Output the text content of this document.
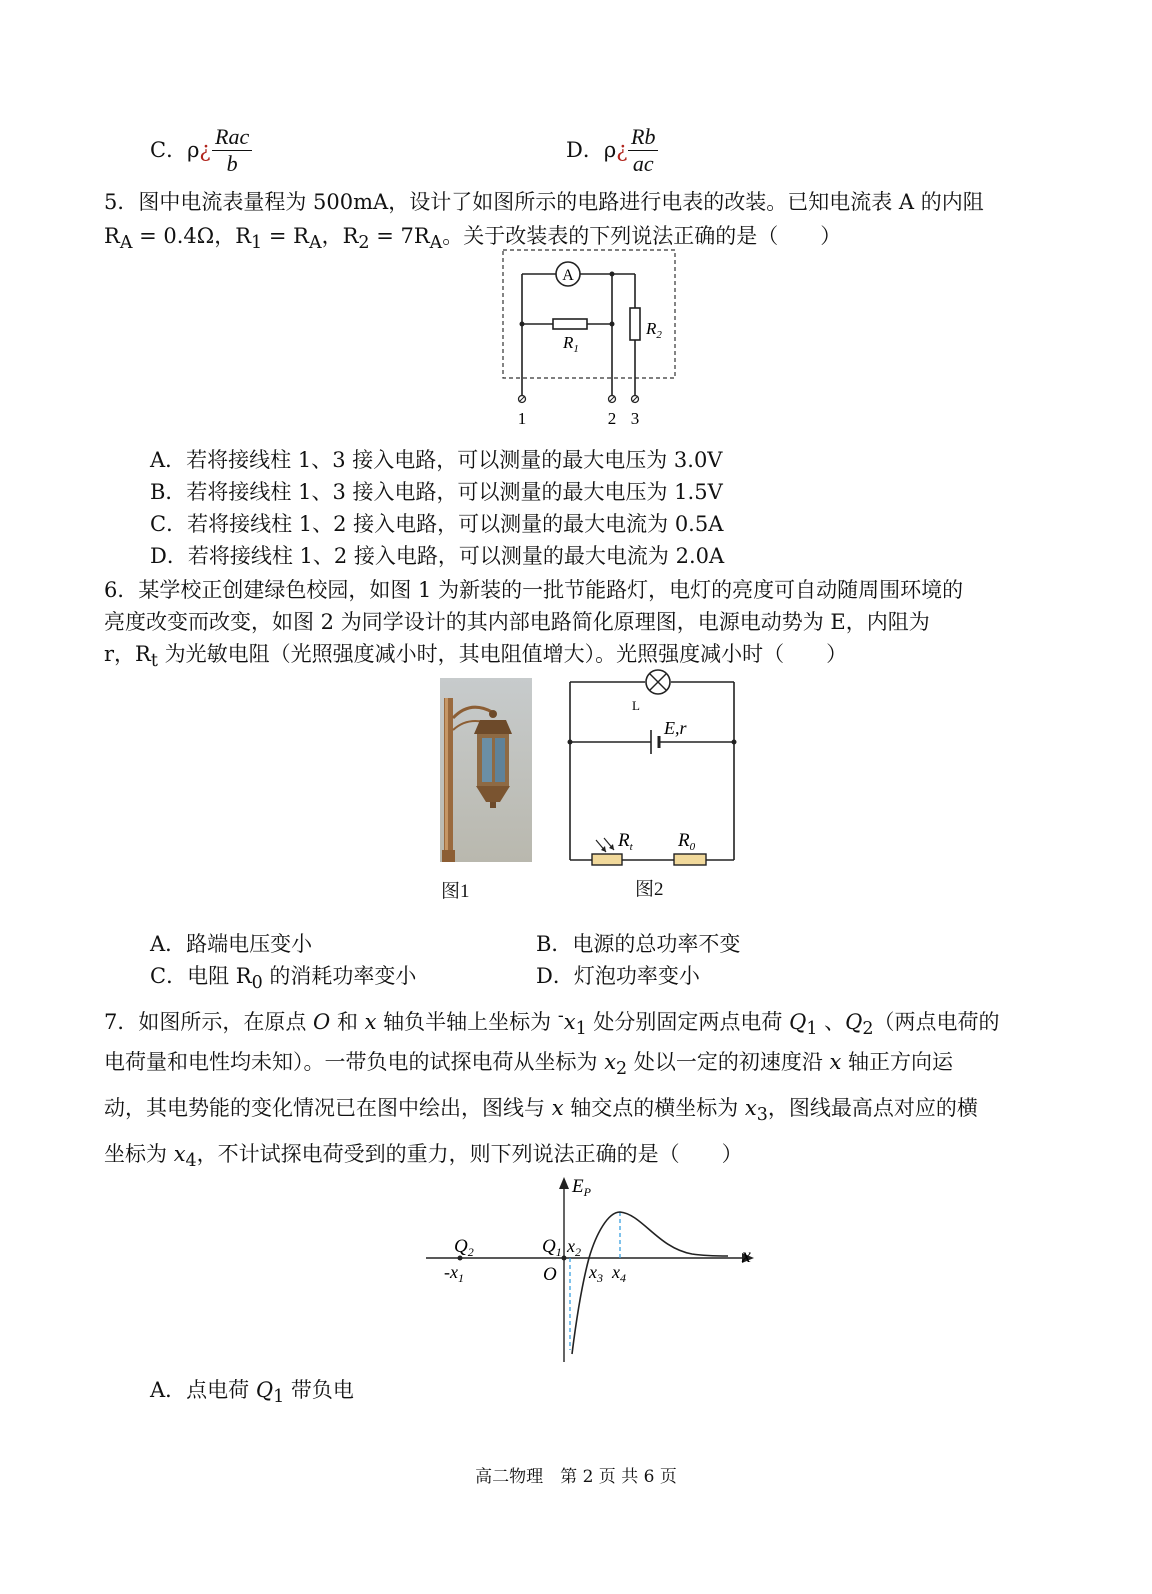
C．ρ¿
Rac
b
D．ρ¿ $\frac{Rb}{ac}$
5．图中电流表量程为 500mA，设计了如图所示的电路进行电表的改装。已知电流表 A 的内阻
$R_A = 0.4\Omega$，$R_1 = R_A$，$R_2 = 7R_A$。关于改装表的下列说法正确的是（　　）
A
$R_1$
$R_2$
1	2 3
A．若将接线柱 1、3 接入电路，可以测量的最大电压为 3.0V
B．若将接线柱 1、3 接入电路，可以测量的最大电压为 1.5V
C．若将接线柱 1、2 接入电路，可以测量的最大电流为 0.5A
D．若将接线柱 1、2 接入电路，可以测量的最大电流为 2.0A
6．某学校正创建绿色校园，如图 1 为新装的一批节能路灯，电灯的亮度可自动随周围环境的
亮度改变而改变，如图 2 为同学设计的其内部电路简化原理图，电源电动势为 E，内阻为
r，$R_t$ 为光敏电阻（光照强度减小时，其电阻值增大）。光照强度减小时（　　）
图1
L
E,r
$R_t$ $R_0$
图2
A．路端电压变小	B．电源的总功率不变
C．电阻 $R_0$ 的消耗功率变小	D．灯泡功率变小
7．如图所示，在原点 O 和 x 轴负半轴上坐标为 $^-x_1$ 处分别固定两点电荷 $Q_1$ 、$Q_2$（两点电荷的
电荷量和电性均未知）。一带负电的试探电荷从坐标为 $x_2$ 处以一定的初速度沿 x 轴正方向运
动，其电势能的变化情况已在图中绘出，图线与 x 轴交点的横坐标为 $x_3$，图线最高点对应的横
坐标为 $x_4$，不计试探电荷受到的重力，则下列说法正确的是（　　）
$E_P$
x
$Q_2$	$Q_1$
$-x_1$	O
$x_2$
$x_3$ $x_4$
A．点电荷 $Q_1$ 带负电
高二物理　第 2 页 共 6 页
